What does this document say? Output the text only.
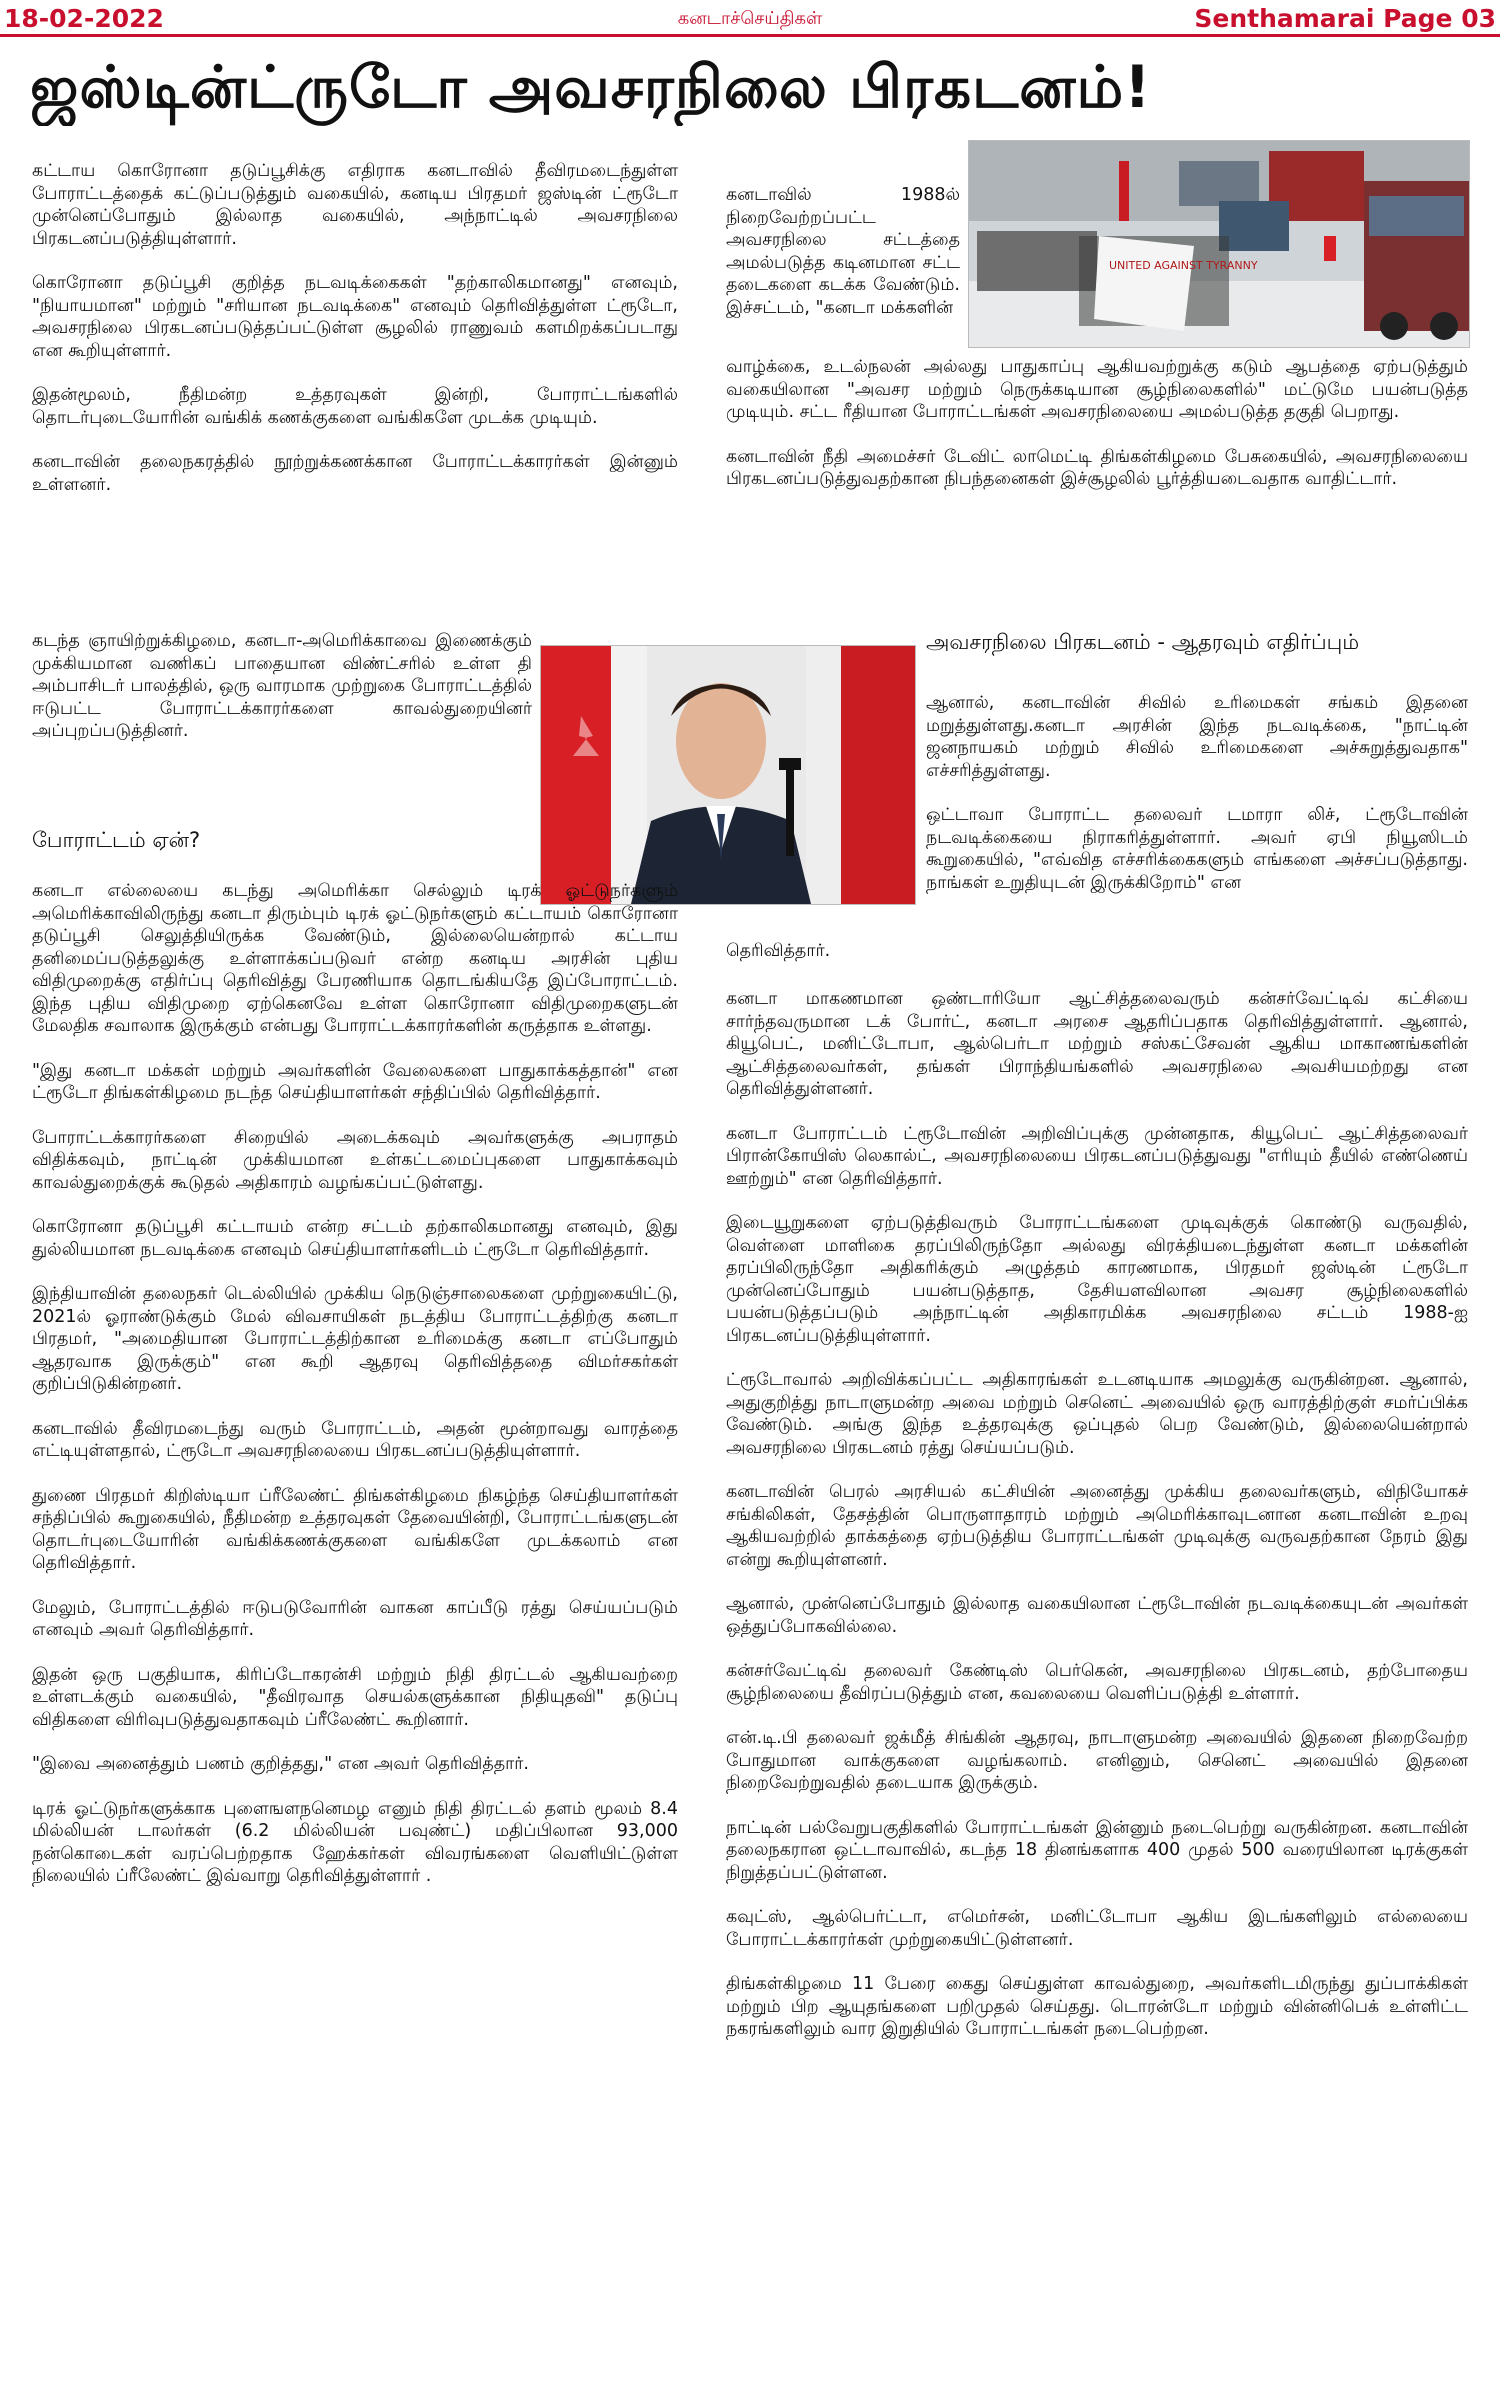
18-02-2022	கனடாச்செய்திகள்	Senthamarai Page 03
ஜஸ்டின்ட்ருடோ அவசரநிலை பிரகடனம்!

கட்டாய கொரோனா தடுப்பூசிக்கு எதிராக கனடாவில் தீவிரமடைந்துள்ள போராட்டத்தைக் கட்டுப்படுத்தும் வகையில், கனடிய பிரதமர் ஜஸ்டின் ட்ரூடோ முன்னெப்போதும் இல்லாத வகையில், அந்நாட்டில் அவசரநிலை பிரகடனப்படுத்தியுள்ளார்.

கொரோனா தடுப்பூசி குறித்த நடவடிக்கைகள் "தற்காலிகமானது" எனவும், "நியாயமான" மற்றும் "சரியான நடவடிக்கை" எனவும் தெரிவித்துள்ள ட்ரூடோ, அவசரநிலை பிரகடனப்படுத்தப்பட்டுள்ள சூழலில் ராணுவம் களமிறக்கப்படாது என கூறியுள்ளார்.

இதன்மூலம், நீதிமன்ற உத்தரவுகள் இன்றி, போராட்டங்களில் தொடர்புடையோரின் வங்கிக் கணக்குகளை வங்கிகளே முடக்க முடியும்.

கனடாவின் தலைநகரத்தில் நூற்றுக்கணக்கான போராட்டக்காரர்கள் இன்னும் உள்ளனர்.

கடந்த ஞாயிற்றுக்கிழமை, கனடா-அமெரிக்காவை இணைக்கும் முக்கியமான வணிகப் பாதையான விண்ட்சரில் உள்ள தி அம்பாசிடர் பாலத்தில், ஒரு வாரமாக முற்றுகை போராட்டத்தில் ஈடுபட்ட போராட்டக்காரர்களை காவல்துறையினர் அப்புறப்படுத்தினர்.

போராட்டம் ஏன்?
UNITED AGAINST TYRANNY

கனடாவில் 1988ல் நிறைவேற்றப்பட்ட அவசரநிலை சட்டத்தை அமல்படுத்த கடினமான சட்ட தடைகளை கடக்க வேண்டும். இச்சட்டம், "கனடா மக்களின்

வாழ்க்கை, உடல்நலன் அல்லது பாதுகாப்பு ஆகியவற்றுக்கு கடும் ஆபத்தை ஏற்படுத்தும் வகையிலான "அவசர மற்றும் நெருக்கடியான சூழ்நிலைகளில்" மட்டுமே பயன்படுத்த முடியும். சட்ட ரீதியான போராட்டங்கள் அவசரநிலையை அமல்படுத்த தகுதி பெறாது.

கனடாவின் நீதி அமைச்சர் டேவிட் லாமெட்டி திங்கள்கிழமை பேசுகையில், அவசரநிலையை பிரகடனப்படுத்துவதற்கான நிபந்தனைகள் இச்சூழலில் பூர்த்தியடைவதாக வாதிட்டார்.

அவசரநிலை பிரகடனம் - ஆதரவும் எதிர்ப்பும்

ஆனால், கனடாவின் சிவில் உரிமைகள் சங்கம் இதனை மறுத்துள்ளது.கனடா அரசின் இந்த நடவடிக்கை, "நாட்டின் ஜனநாயகம் மற்றும் சிவில் உரிமைகளை அச்சுறுத்துவதாக" எச்சரித்துள்ளது.

ஒட்டாவா போராட்ட தலைவர் டமாரா லிச், ட்ரூடோவின் நடவடிக்கையை நிராகரித்துள்ளார். அவர் ஏபி நியூஸிடம் கூறுகையில், "எவ்வித எச்சரிக்கைகளும் எங்களை அச்சப்படுத்தாது. நாங்கள் உறுதியுடன் இருக்கிறோம்" என

தெரிவித்தார்.

கனடா எல்லையை கடந்து அமெரிக்கா செல்லும் டிரக் ஓட்டுநர்களும் அமெரிக்காவிலிருந்து கனடா திரும்பும் டிரக் ஓட்டுநர்களும் கட்டாயம் கொரோனா தடுப்பூசி செலுத்தியிருக்க வேண்டும், இல்லையென்றால் கட்டாய தனிமைப்படுத்தலுக்கு உள்ளாக்கப்படுவர் என்ற கனடிய அரசின் புதிய விதிமுறைக்கு எதிர்ப்பு தெரிவித்து பேரணியாக தொடங்கியதே இப்போராட்டம். இந்த புதிய விதிமுறை ஏற்கெனவே உள்ள கொரோனா விதிமுறைகளுடன் மேலதிக சவாலாக இருக்கும் என்பது போராட்டக்காரர்களின் கருத்தாக உள்ளது.

"இது கனடா மக்கள் மற்றும் அவர்களின் வேலைகளை பாதுகாக்கத்தான்" என ட்ரூடோ திங்கள்கிழமை நடந்த செய்தியாளர்கள் சந்திப்பில் தெரிவித்தார்.

போராட்டக்காரர்களை சிறையில் அடைக்கவும் அவர்களுக்கு அபராதம் விதிக்கவும், நாட்டின் முக்கியமான உள்கட்டமைப்புகளை பாதுகாக்கவும் காவல்துறைக்குக் கூடுதல் அதிகாரம் வழங்கப்பட்டுள்ளது.

கொரோனா தடுப்பூசி கட்டாயம் என்ற சட்டம் தற்காலிகமானது எனவும், இது துல்லியமான நடவடிக்கை எனவும் செய்தியாளர்களிடம் ட்ரூடோ தெரிவித்தார்.

இந்தியாவின் தலைநகர் டெல்லியில் முக்கிய நெடுஞ்சாலைகளை முற்றுகையிட்டு, 2021ல் ஓராண்டுக்கும் மேல் விவசாயிகள் நடத்திய போராட்டத்திற்கு கனடா பிரதமர், "அமைதியான போராட்டத்திற்கான உரிமைக்கு கனடா எப்போதும் ஆதரவாக இருக்கும்" என கூறி ஆதரவு தெரிவித்ததை விமர்சகர்கள் குறிப்பிடுகின்றனர்.

கனடாவில் தீவிரமடைந்து வரும் போராட்டம், அதன் மூன்றாவது வாரத்தை எட்டியுள்ளதால், ட்ரூடோ அவசரநிலையை பிரகடனப்படுத்தியுள்ளார்.

துணை பிரதமர் கிறிஸ்டியா ப்ரீலேண்ட் திங்கள்கிழமை நிகழ்ந்த செய்தியாளர்கள் சந்திப்பில் கூறுகையில், நீதிமன்ற உத்தரவுகள் தேவையின்றி, போராட்டங்களுடன் தொடர்புடையோரின் வங்கிக்கணக்குகளை வங்கிகளே முடக்கலாம் என தெரிவித்தார்.

மேலும், போராட்டத்தில் ஈடுபடுவோரின் வாகன காப்பீடு ரத்து செய்யப்படும் எனவும் அவர் தெரிவித்தார்.

இதன் ஒரு பகுதியாக, கிரிப்டோகரன்சி மற்றும் நிதி திரட்டல் ஆகியவற்றை உள்ளடக்கும் வகையில், "தீவிரவாத செயல்களுக்கான நிதியுதவி" தடுப்பு விதிகளை விரிவுபடுத்துவதாகவும் ப்ரீலேண்ட் கூறினார்.

"இவை அனைத்தும் பணம் குறித்தது," என அவர் தெரிவித்தார்.

டிரக் ஓட்டுநர்களுக்காக புளைஙளநனெமழ எனும் நிதி திரட்டல் தளம் மூலம் 8.4 மில்லியன் டாலர்கள் (6.2 மில்லியன் பவுண்ட்) மதிப்பிலான 93,000 நன்கொடைகள் வரப்பெற்றதாக ஹேக்கர்கள் விவரங்களை வெளியிட்டுள்ள நிலையில் ப்ரீலேண்ட் இவ்வாறு தெரிவித்துள்ளார் .

கனடா மாகணமான ஒண்டாரியோ ஆட்சித்தலைவரும் கன்சர்வேட்டிவ் கட்சியை சார்ந்தவருமான டக் போர்ட், கனடா அரசை ஆதரிப்பதாக தெரிவித்துள்ளார். ஆனால், கியூபெட், மனிட்டோபா, ஆல்பெர்டா மற்றும் சஸ்கட்சேவன் ஆகிய மாகாணங்களின் ஆட்சித்தலைவர்கள், தங்கள் பிராந்தியங்களில் அவசரநிலை அவசியமற்றது என தெரிவித்துள்ளனர்.

கனடா போராட்டம் ட்ரூடோவின் அறிவிப்புக்கு முன்னதாக, கியூபெட் ஆட்சித்தலைவர் பிரான்கோயிஸ் லெகால்ட், அவசரநிலையை பிரகடனப்படுத்துவது "எரியும் தீயில் எண்ணெய் ஊற்றும்" என தெரிவித்தார்.

இடையூறுகளை ஏற்படுத்திவரும் போராட்டங்களை முடிவுக்குக் கொண்டு வருவதில், வெள்ளை மாளிகை தரப்பிலிருந்தோ அல்லது விரக்தியடைந்துள்ள கனடா மக்களின் தரப்பிலிருந்தோ அதிகரிக்கும் அழுத்தம் காரணமாக, பிரதமர் ஜஸ்டின் ட்ரூடோ முன்னெப்போதும் பயன்படுத்தாத, தேசியளவிலான அவசர சூழ்நிலைகளில் பயன்படுத்தப்படும் அந்நாட்டின் அதிகாரமிக்க அவசரநிலை சட்டம் 1988-ஐ பிரகடனப்படுத்தியுள்ளார்.

ட்ரூடோவால் அறிவிக்கப்பட்ட அதிகாரங்கள் உடனடியாக அமலுக்கு வருகின்றன. ஆனால், அதுகுறித்து நாடாளுமன்ற அவை மற்றும் செனெட் அவையில் ஒரு வாரத்திற்குள் சமர்ப்பிக்க வேண்டும். அங்கு இந்த உத்தரவுக்கு ஒப்புதல் பெற வேண்டும், இல்லையென்றால் அவசரநிலை பிரகடனம் ரத்து செய்யப்படும்.

கனடாவின் பெரல் அரசியல் கட்சியின் அனைத்து முக்கிய தலைவர்களும், விநியோகச் சங்கிலிகள், தேசத்தின் பொருளாதாரம் மற்றும் அமெரிக்காவுடனான கனடாவின் உறவு ஆகியவற்றில் தாக்கத்தை ஏற்படுத்திய போராட்டங்கள் முடிவுக்கு வருவதற்கான நேரம் இது என்று கூறியுள்ளனர்.

ஆனால், முன்னெப்போதும் இல்லாத வகையிலான ட்ரூடோவின் நடவடிக்கையுடன் அவர்கள் ஒத்துப்போகவில்லை.

கன்சர்வேட்டிவ் தலைவர் கேண்டிஸ் பெர்கென், அவசரநிலை பிரகடனம், தற்போதைய சூழ்நிலையை தீவிரப்படுத்தும் என, கவலையை வெளிப்படுத்தி உள்ளார்.

என்.டி.பி தலைவர் ஜக்மீத் சிங்கின் ஆதரவு, நாடாளுமன்ற அவையில் இதனை நிறைவேற்ற போதுமான வாக்குகளை வழங்கலாம். எனினும், செனெட் அவையில் இதனை நிறைவேற்றுவதில் தடையாக இருக்கும்.

நாட்டின் பல்வேறுபகுதிகளில் போராட்டங்கள் இன்னும் நடைபெற்று வருகின்றன. கனடாவின் தலைநகரான ஒட்டாவாவில், கடந்த 18 தினங்களாக 400 முதல் 500 வரையிலான டிரக்குகள் நிறுத்தப்பட்டுள்ளன.

கவுட்ஸ், ஆல்பெர்ட்டா, எமெர்சன், மனிட்டோபா ஆகிய இடங்களிலும் எல்லையை போராட்டக்காரர்கள் முற்றுகையிட்டுள்ளனர்.

திங்கள்கிழமை 11 பேரை கைது செய்துள்ள காவல்துறை, அவர்களிடமிருந்து துப்பாக்கிகள் மற்றும் பிற ஆயுதங்களை பறிமுதல் செய்தது. டொரன்டோ மற்றும் வின்னிபெக் உள்ளிட்ட நகரங்களிலும் வார இறுதியில் போராட்டங்கள் நடைபெற்றன.
